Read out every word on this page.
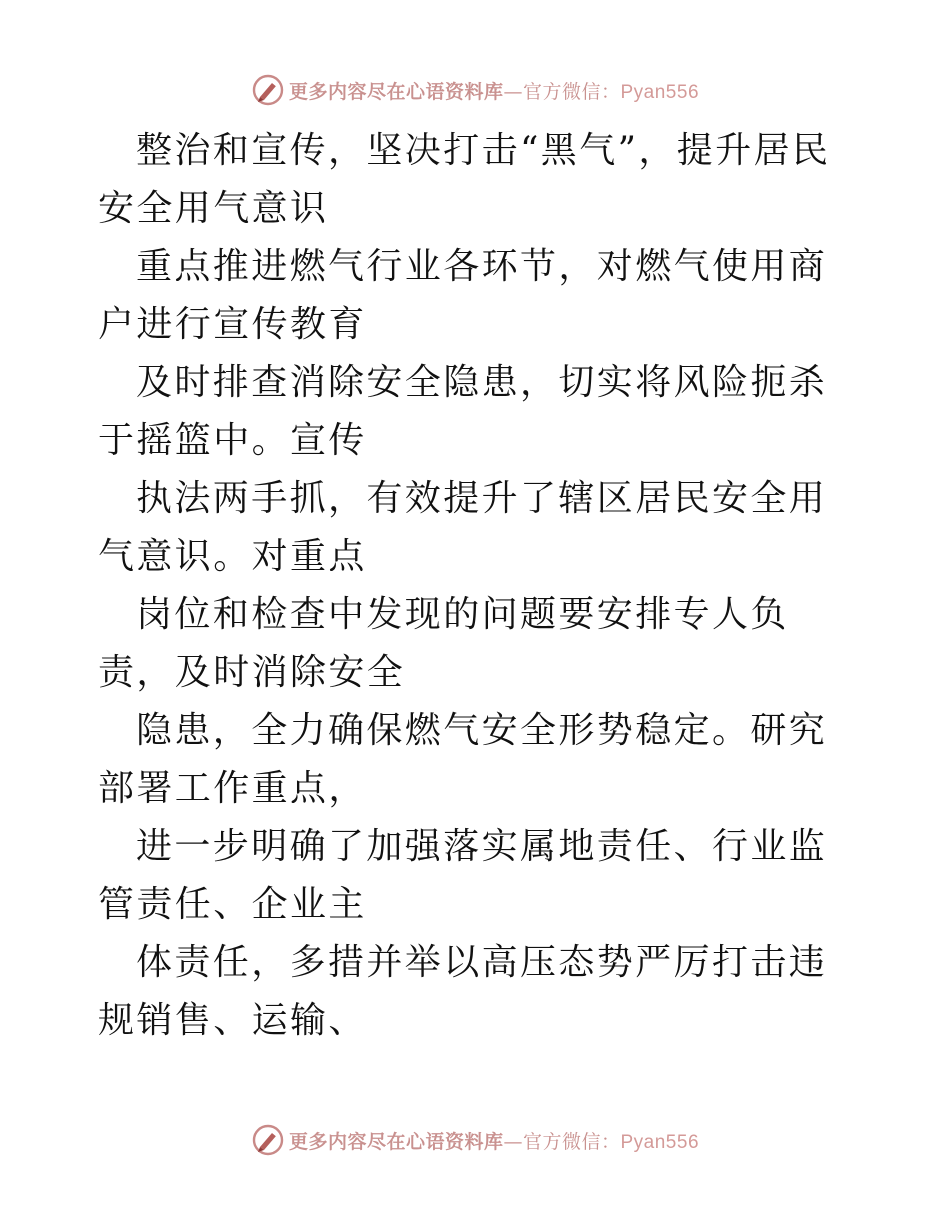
更多内容尽在心语资料库—官方微信：Pyan556

整治和宣传，坚决打击“黑气”，提升居民安全用气意识

重点推进燃气行业各环节，对燃气使用商户进行宣传教育

及时排查消除安全隐患，切实将风险扼杀于摇篮中。宣传

执法两手抓，有效提升了辖区居民安全用气意识。对重点

岗位和检查中发现的问题要安排专人负责，及时消除安全

隐患，全力确保燃气安全形势稳定。研究部署工作重点，

进一步明确了加强落实属地责任、行业监管责任、企业主

体责任，多措并举以高压态势严厉打击违规销售、运输、

更多内容尽在心语资料库—官方微信：Pyan556
